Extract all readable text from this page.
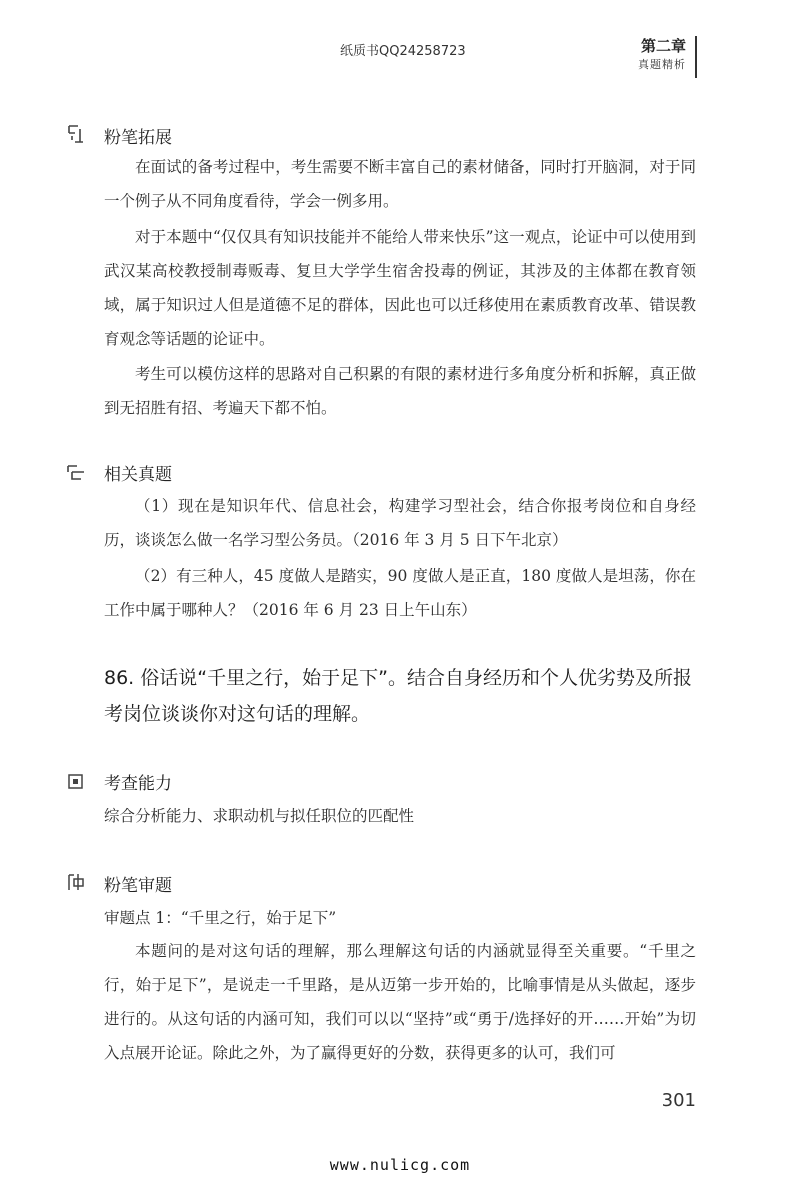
纸质书QQ24258723	第二章
真题精析
粉笔拓展
在面试的备考过程中，考生需要不断丰富自己的素材储备，同时打开脑洞，对于同一个例子从不同角度看待，学会一例多用。
对于本题中“仅仅具有知识技能并不能给人带来快乐”这一观点，论证中可以使用到武汉某高校教授制毒贩毒、复旦大学学生宿舍投毒的例证，其涉及的主体都在教育领域，属于知识过人但是道德不足的群体，因此也可以迁移使用在素质教育改革、错误教育观念等话题的论证中。
考生可以模仿这样的思路对自己积累的有限的素材进行多角度分析和拆解，真正做到无招胜有招、考遍天下都不怕。
相关真题
（1）现在是知识年代、信息社会，构建学习型社会，结合你报考岗位和自身经历，谈谈怎么做一名学习型公务员。（2016 年 3 月 5 日下午北京）
（2）有三种人，45 度做人是踏实，90 度做人是正直，180 度做人是坦荡，你在工作中属于哪种人？（2016 年 6 月 23 日上午山东）
86. 俗话说“千里之行，始于足下”。结合自身经历和个人优劣势及所报考岗位谈谈你对这句话的理解。
考查能力
综合分析能力、求职动机与拟任职位的匹配性
粉笔审题
审题点 1：“千里之行，始于足下”
本题问的是对这句话的理解，那么理解这句话的内涵就显得至关重要。“千里之行，始于足下”，是说走一千里路，是从迈第一步开始的，比喻事情是从头做起，逐步进行的。从这句话的内涵可知，我们可以以“坚持”或“勇于/选择好的开……开始”为切入点展开论证。除此之外，为了赢得更好的分数，获得更多的认可，我们可
301
www.nulicg.com
